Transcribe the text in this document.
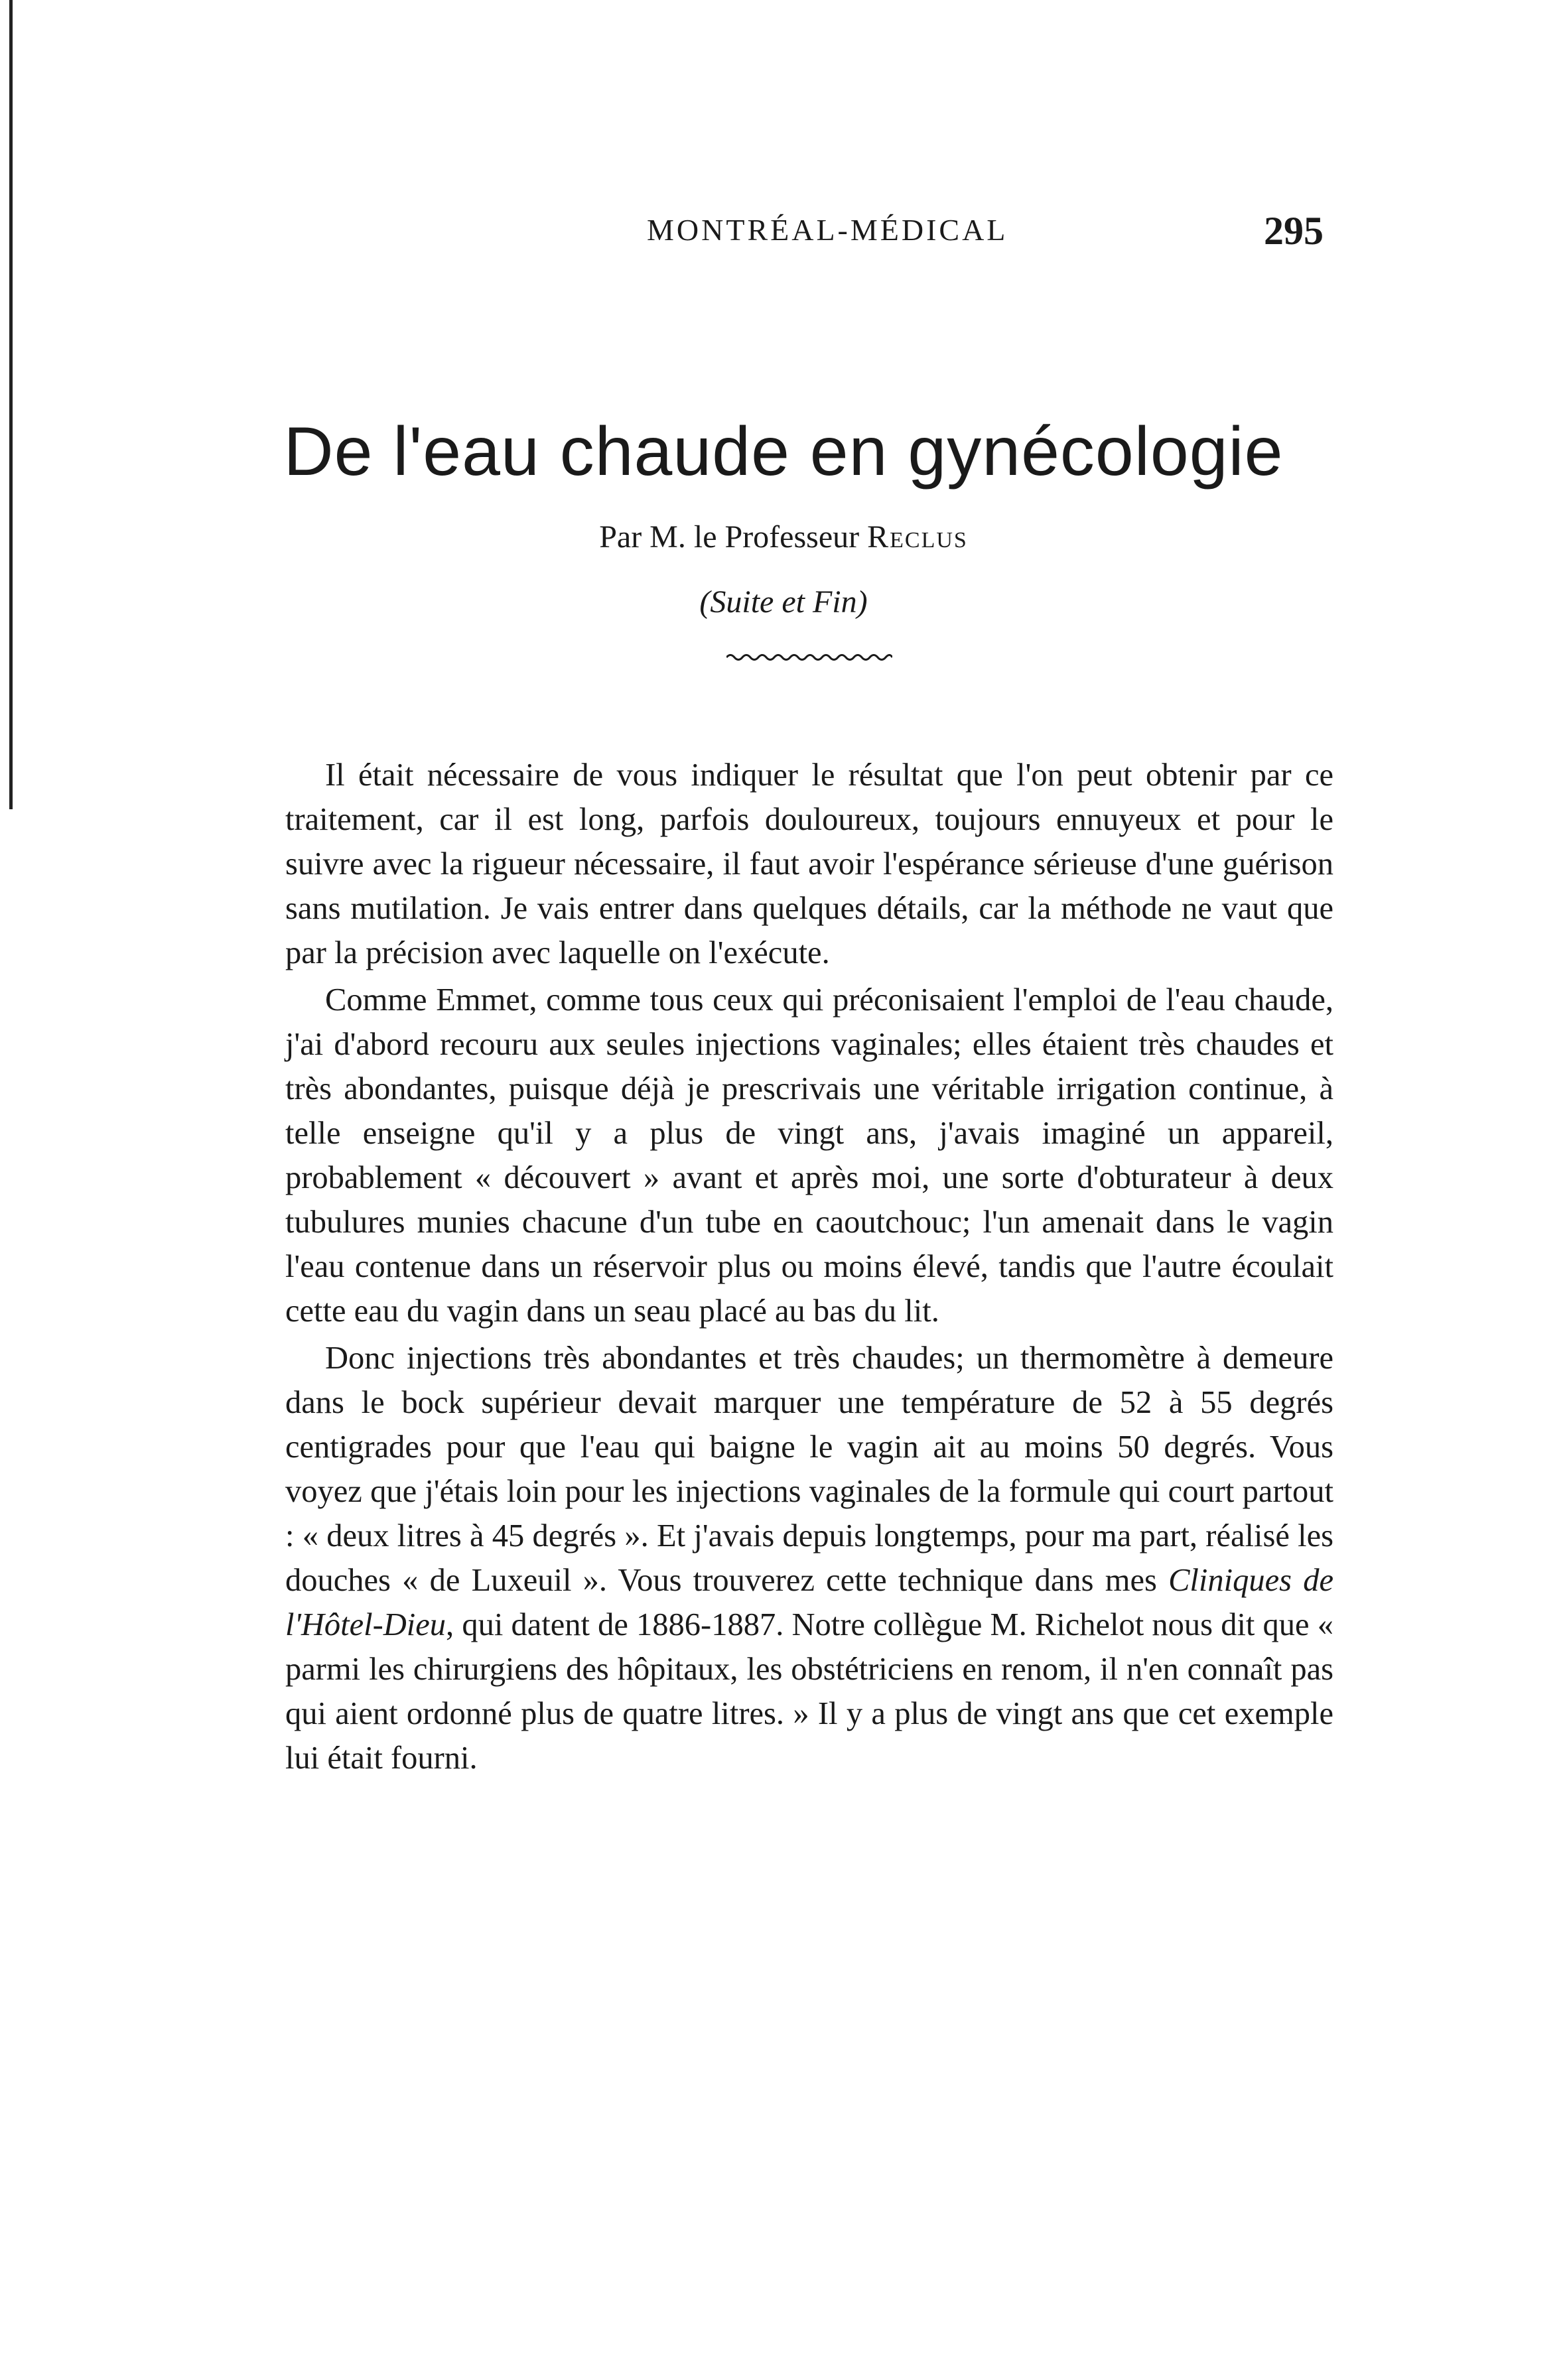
MONTRÉAL-MÉDICAL	295
De l'eau chaude en gynécologie
Par M. le Professeur Reclus
(Suite et Fin)

Il était nécessaire de vous indiquer le résultat que l'on peut obtenir par ce traitement, car il est long, parfois douloureux, toujours ennuyeux et pour le suivre avec la rigueur nécessaire, il faut avoir l'espérance sérieuse d'une guérison sans mutilation. Je vais entrer dans quelques détails, car la méthode ne vaut que par la précision avec laquelle on l'exécute.

Comme Emmet, comme tous ceux qui préconisaient l'emploi de l'eau chaude, j'ai d'abord recouru aux seules injections vaginales; elles étaient très chaudes et très abondantes, puisque déjà je prescrivais une véritable irrigation continue, à telle enseigne qu'il y a plus de vingt ans, j'avais imaginé un appareil, probablement « découvert » avant et après moi, une sorte d'obturateur à deux tubulures munies chacune d'un tube en caoutchouc; l'un amenait dans le vagin l'eau contenue dans un réservoir plus ou moins élevé, tandis que l'autre écoulait cette eau du vagin dans un seau placé au bas du lit.

Donc injections très abondantes et très chaudes; un thermomètre à demeure dans le bock supérieur devait marquer une température de 52 à 55 degrés centigrades pour que l'eau qui baigne le vagin ait au moins 50 degrés. Vous voyez que j'étais loin pour les injections vaginales de la formule qui court partout : « deux litres à 45 degrés ». Et j'avais depuis longtemps, pour ma part, réalisé les douches « de Luxeuil ». Vous trouverez cette technique dans mes Cliniques de l'Hôtel-Dieu, qui datent de 1886-1887. Notre collègue M. Richelot nous dit que « parmi les chirurgiens des hôpitaux, les obstétriciens en renom, il n'en connaît pas qui aient ordonné plus de quatre litres. » Il y a plus de vingt ans que cet exemple lui était fourni.
